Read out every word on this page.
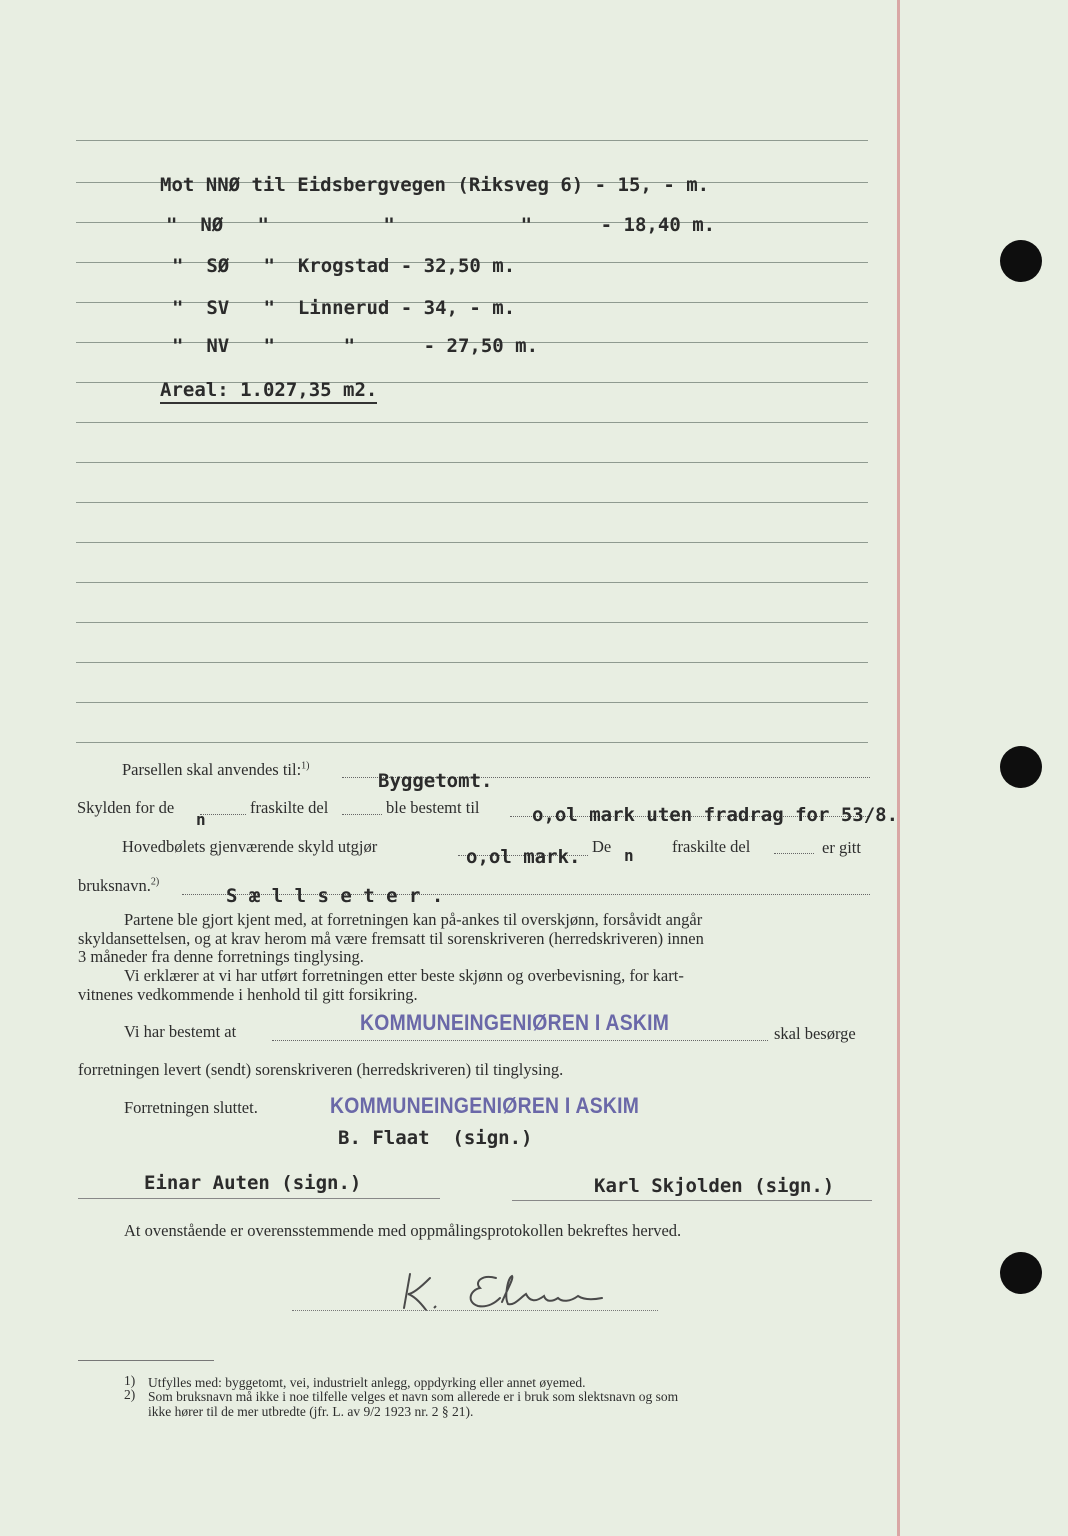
Mot NNØ til Eidsbergvegen (Riksveg 6) - 15, - m.
"  NØ   "          "           "      - 18,40 m.
"  SØ   "  Krogstad - 32,50 m.
"  SV   "  Linnerud - 34, - m.
"  NV   "      "      - 27,50 m.
Areal: 1.027,35 m2.
Parsellen skal anvendes til:$^{1)}$
Byggetomt.
Skylden for de
n
fraskilte del	ble bestemt til	o,ol mark uten fradrag for 53/8.
Hovedbølets gjenværende skyld utgjør	o,ol mark. De n fraskilte del	er gitt
bruksnavn.$^{2)}$
S æ l l s e t e r .
Partene ble gjort kjent med, at forretningen kan på-ankes til overskjønn, forsåvidt angår
skyldansettelsen, og at krav herom må være fremsatt til sorenskriveren (herredskriveren) innen
3 måneder fra denne forretnings tinglysing.
Vi erklærer at vi har utført forretningen etter beste skjønn og overbevisning, for kart-
vitnenes vedkommende i henhold til gitt forsikring.
Vi har bestemt at	KOMMUNEINGENIØREN I ASKIM	skal besørge
forretningen levert (sendt) sorenskriveren (herredskriveren) til tinglysing.
Forretningen sluttet.	KOMMUNEINGENIØREN I ASKIM
B. Flaat  (sign.)
Einar Auten (sign.)	Karl Skjolden (sign.)
At ovenstående er overensstemmende med oppmålingsprotokollen bekreftes herved.
1) Utfylles med: byggetomt, vei, industrielt anlegg, oppdyrking eller annet øyemed.
2) Som bruksnavn må ikke i noe tilfelle velges et navn som allerede er i bruk som slektsnavn og som
ikke hører til de mer utbredte (jfr. L. av 9/2 1923 nr. 2 § 21).
